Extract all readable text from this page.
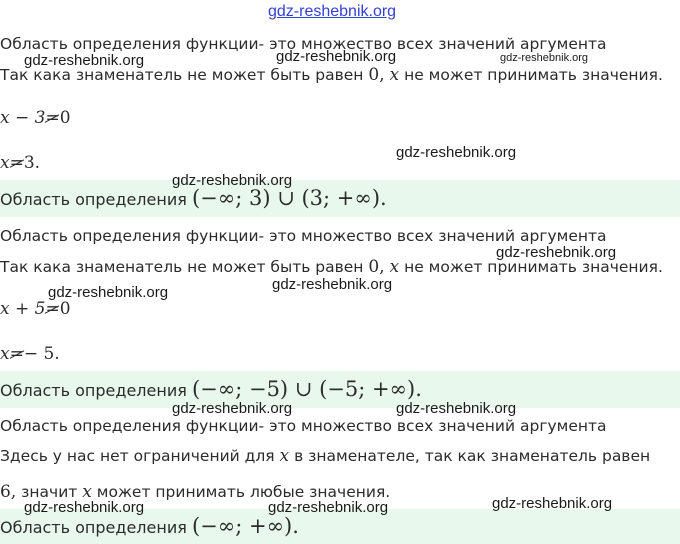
gdz-reshebnik.org
Область определения функции- это множество всех значений аргумента
Так кака знаменатель не может быть равен 0, x не может принимать значения.
x − 3=0
x=3.
Область определения (−∞; 3) ∪ (3; +∞).
Область определения функции- это множество всех значений аргумента
Так кака знаменатель не может быть равен 0, x не может принимать значения.
x + 5=0
x=− 5.
Область определения (−∞; −5) ∪ (−5; +∞).
Область определения функции- это множество всех значений аргумента
Здесь у нас нет ограничений для x в знаменателе, так как знаменатель равен
6, значит x может принимать любые значения.
Область определения (−∞; +∞).
gdz-reshebnik.org	gdz-reshebnik.org	gdz-reshebnik.org
gdz-reshebnik.org
gdz-reshebnik.org
gdz-reshebnik.org
gdz-reshebnik.org
gdz-reshebnik.org
gdz-reshebnik.org	gdz-reshebnik.org
gdz-reshebnik.org	gdz-reshebnik.org	gdz-reshebnik.org
